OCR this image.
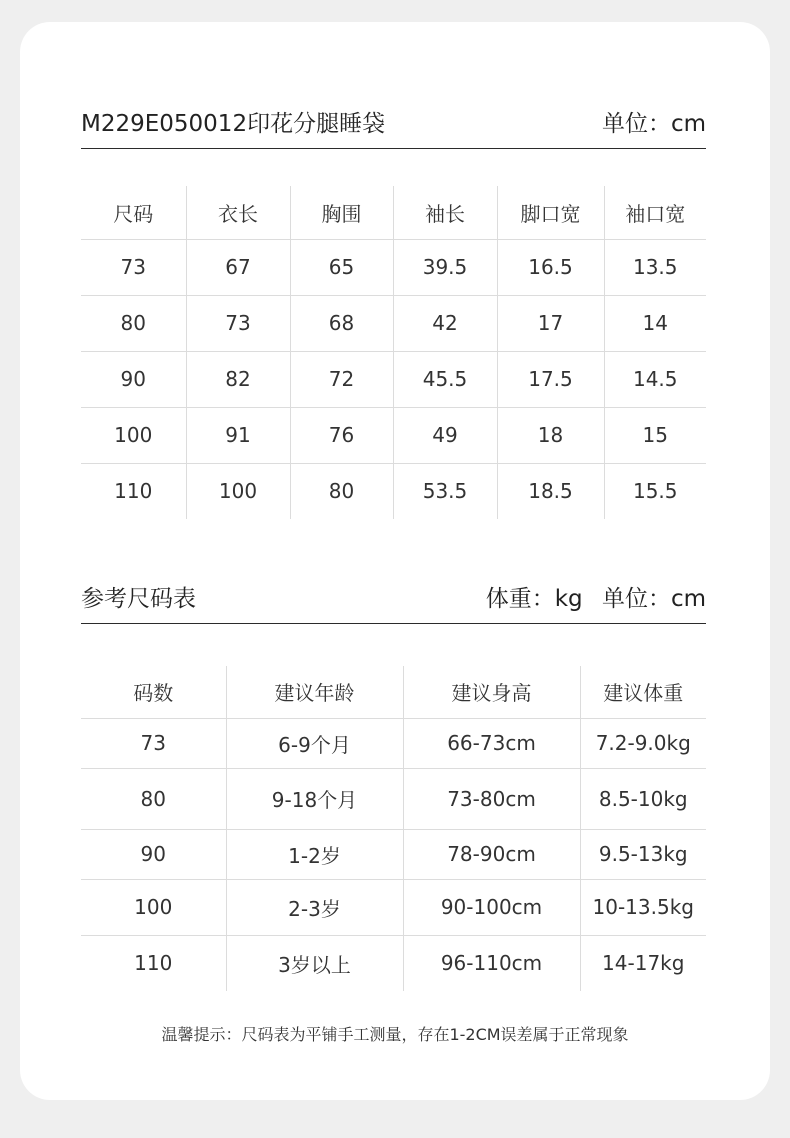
M229E050012印花分腿睡袋	单位：cm
尺码	衣长	胸围	袖长	脚口宽	袖口宽
73	67	65	39.5	16.5	13.5
80	73	68	42	17	14
90	82	72	45.5	17.5	14.5
100	91	76	49	18	15
110	100	80	53.5	18.5	15.5
参考尺码表	体重：kg 单位：cm
码数	建议年龄	建议身高	建议体重
73	6-9个月	66-73cm	7.2-9.0kg
80	9-18个月	73-80cm	8.5-10kg
90	1-2岁	78-90cm	9.5-13kg
100	2-3岁	90-100cm	10-13.5kg
110	3岁以上	96-110cm	14-17kg
温馨提示：尺码表为平铺手工测量，存在1-2CM误差属于正常现象
